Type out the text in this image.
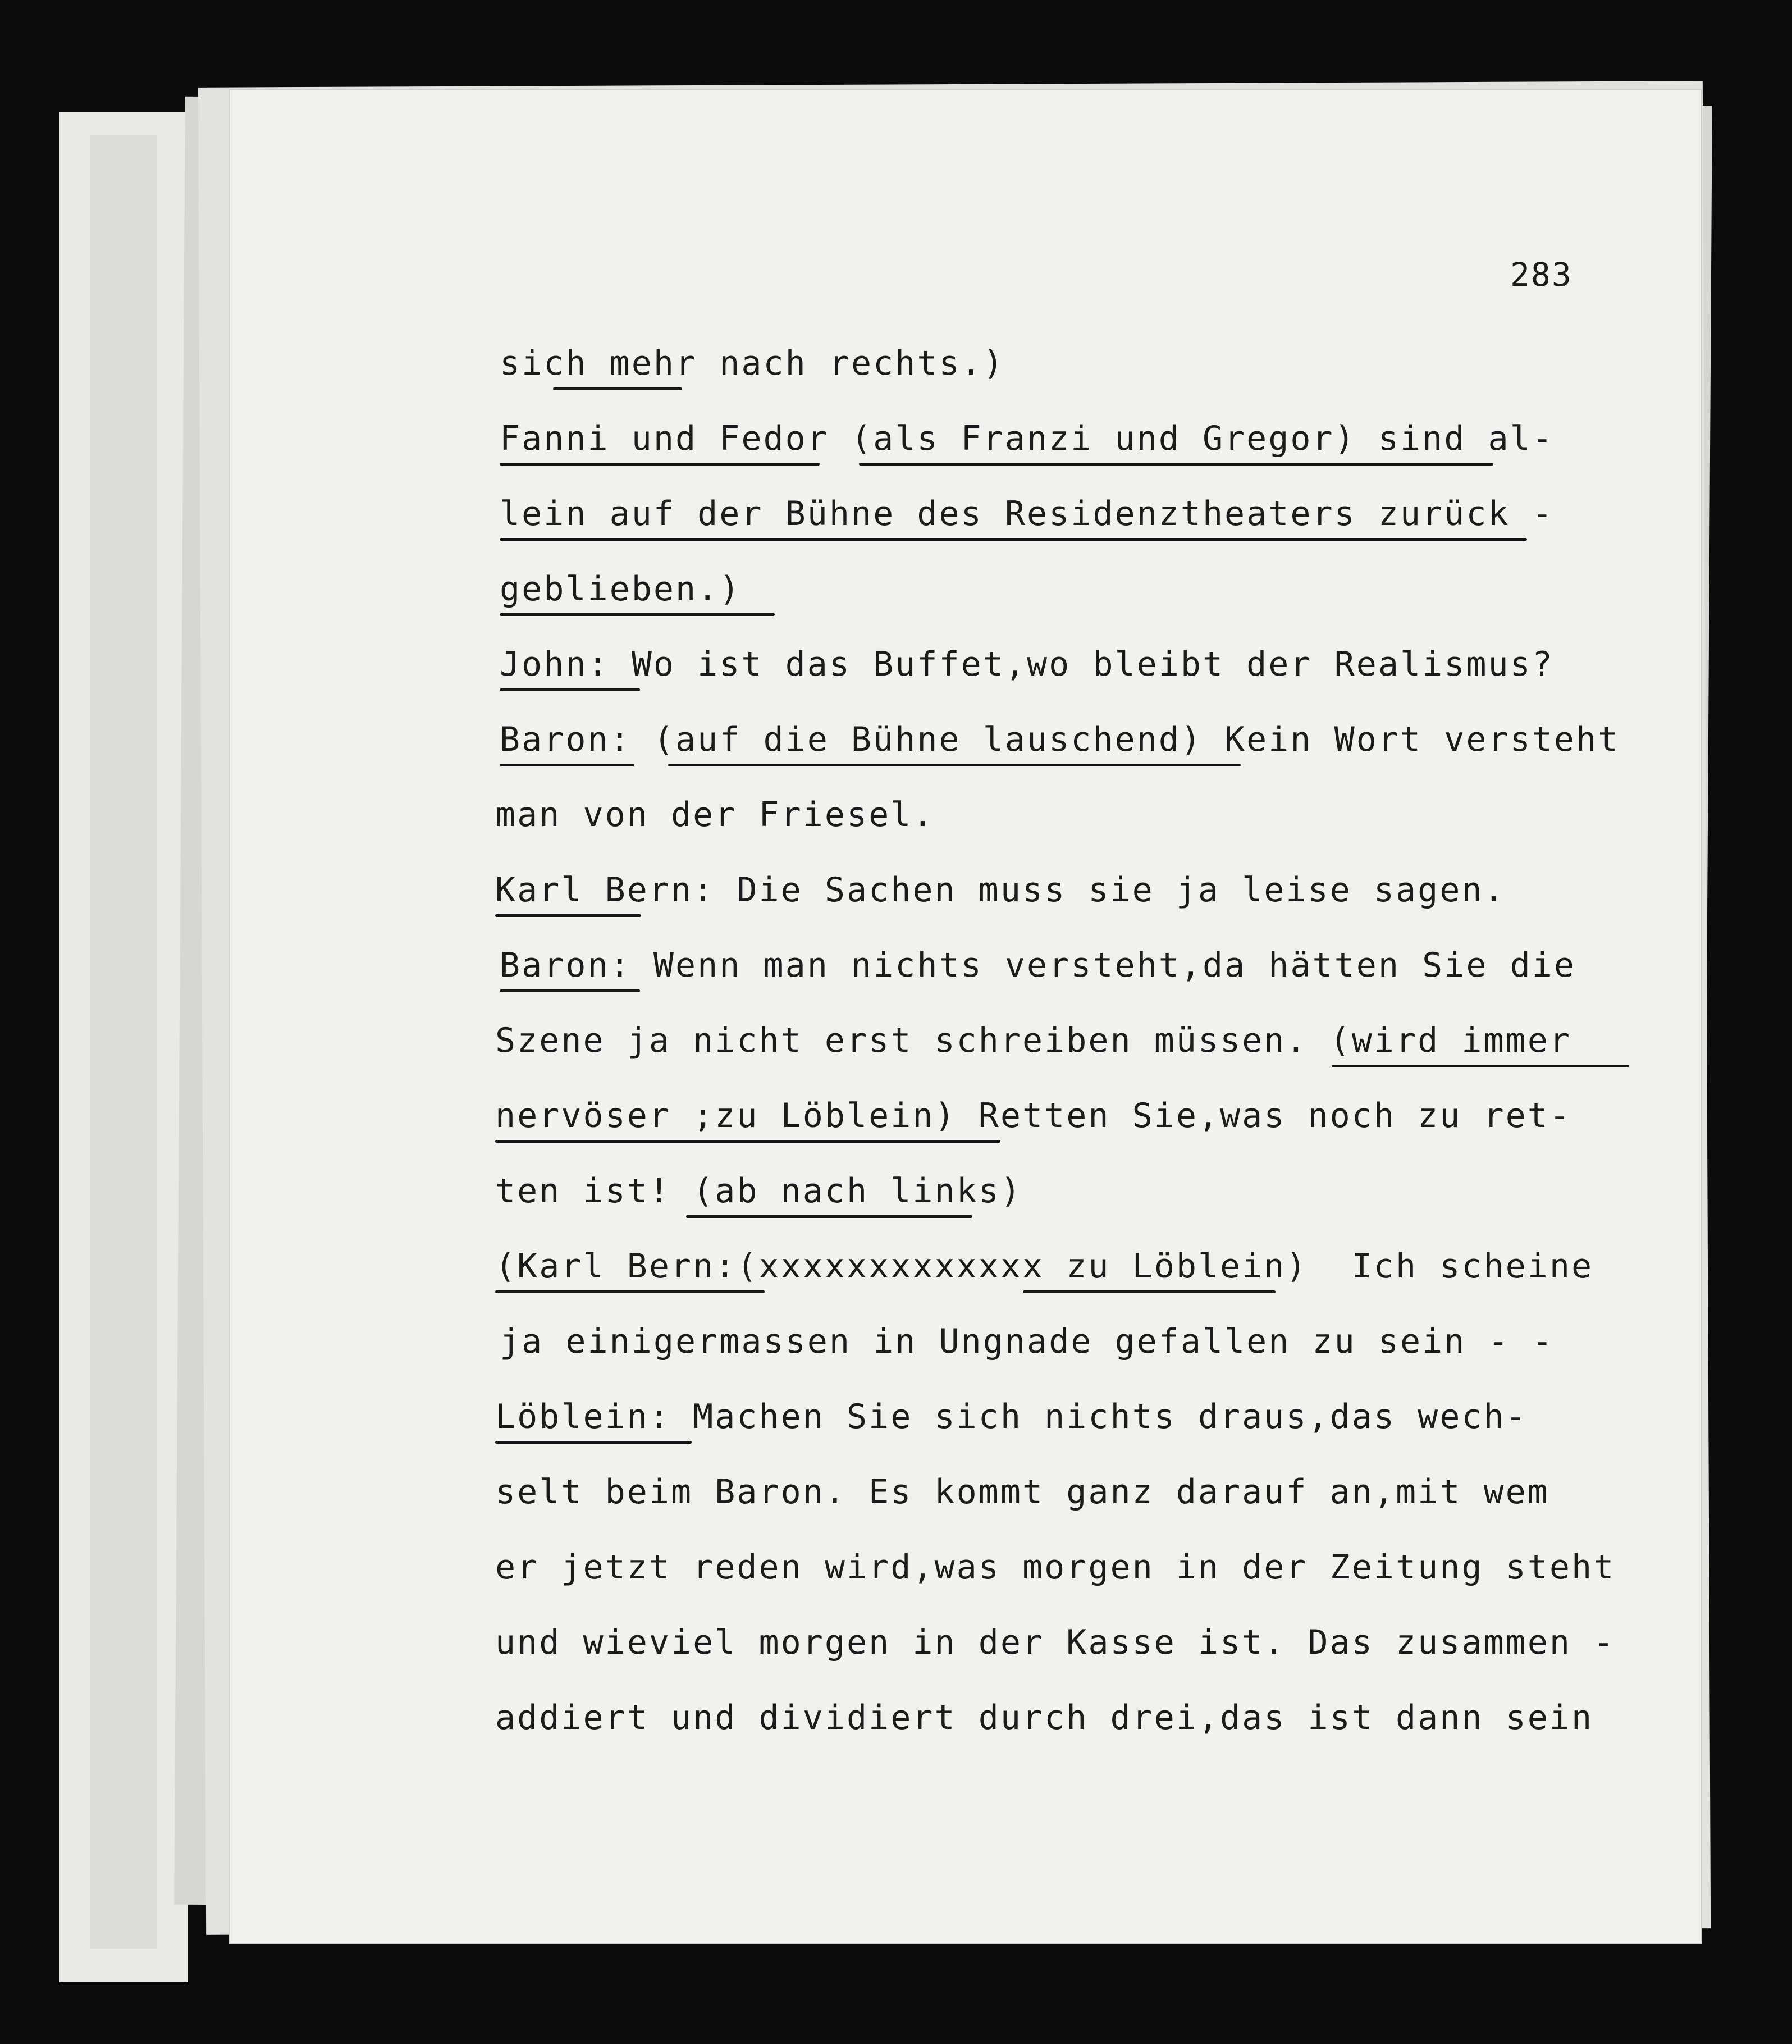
283
sich mehr nach rechts.)

Fanni und Fedor (als Franzi und Gregor) sind al-

lein auf der Bühne des Residenztheaters zurück -

geblieben.)

John: Wo ist das Buffet,wo bleibt der Realismus?

Baron: (auf die Bühne lauschend) Kein Wort versteht

man von der Friesel.
Karl Bern: Die Sachen muss sie ja leise sagen.

Baron: Wenn man nichts versteht,da hätten Sie die

Szene ja nicht erst schreiben müssen. (wird immer

nervöser ;zu Löblein) Retten Sie,was noch zu ret-

ten ist! (ab nach links)

(Karl Bern:(xxxxxxxxxxxxx zu Löblein)  Ich scheine

ja einigermassen in Ungnade gefallen zu sein - -
Löblein: Machen Sie sich nichts draus,das wech-

selt beim Baron. Es kommt ganz darauf an,mit wem
er jetzt reden wird,was morgen in der Zeitung steht
und wieviel morgen in der Kasse ist. Das zusammen -
addiert und dividiert durch drei,das ist dann sein
